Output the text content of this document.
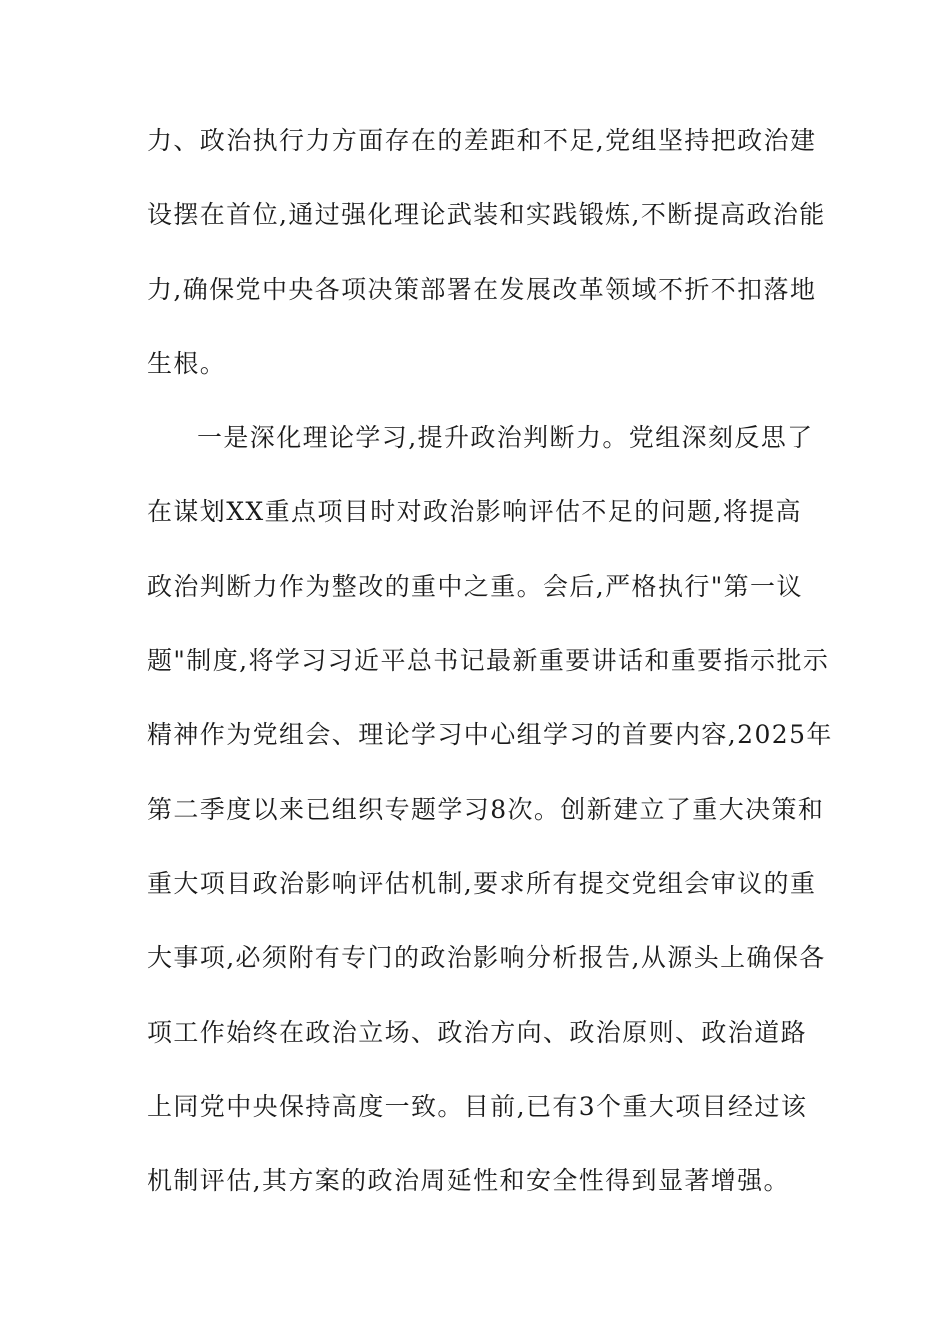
力、政治执行力方面存在的差距和不足,党组坚持把政治建
设摆在首位,通过强化理论武装和实践锻炼,不断提高政治能
力,确保党中央各项决策部署在发展改革领域不折不扣落地
生根。
一是深化理论学习,提升政治判断力。党组深刻反思了
在谋划XX重点项目时对政治影响评估不足的问题,将提高
政治判断力作为整改的重中之重。会后,严格执行"第一议
题"制度,将学习习近平总书记最新重要讲话和重要指示批示
精神作为党组会、理论学习中心组学习的首要内容,2025年
第二季度以来已组织专题学习8次。创新建立了重大决策和
重大项目政治影响评估机制,要求所有提交党组会审议的重
大事项,必须附有专门的政治影响分析报告,从源头上确保各
项工作始终在政治立场、政治方向、政治原则、政治道路
上同党中央保持高度一致。目前,已有3个重大项目经过该
机制评估,其方案的政治周延性和安全性得到显著增强。
